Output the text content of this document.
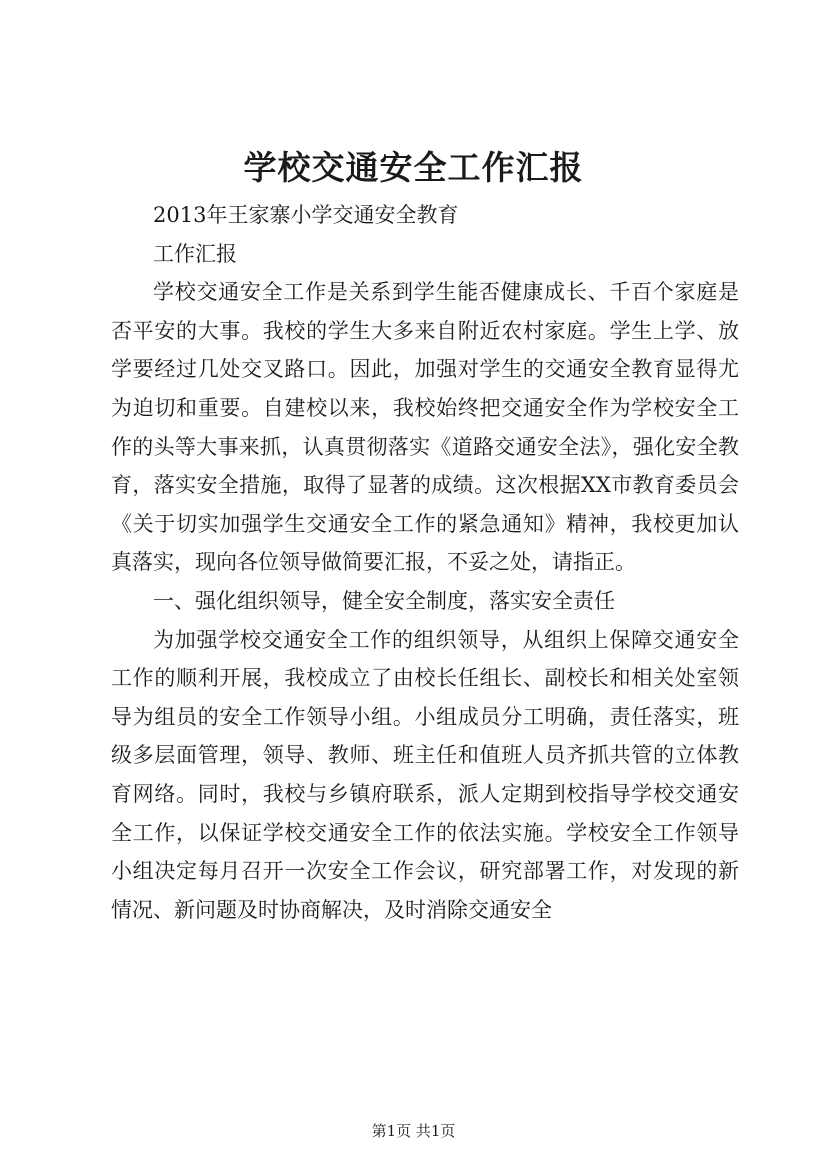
学校交通安全工作汇报

2013年王家寨小学交通安全教育

工作汇报

学校交通安全工作是关系到学生能否健康成长、千百个家庭是否平安的大事。我校的学生大多来自附近农村家庭。学生上学、放学要经过几处交叉路口。因此，加强对学生的交通安全教育显得尤为迫切和重要。自建校以来，我校始终把交通安全作为学校安全工作的头等大事来抓，认真贯彻落实《道路交通安全法》，强化安全教育，落实安全措施，取得了显著的成绩。这次根据XX市教育委员会《关于切实加强学生交通安全工作的紧急通知》精神，我校更加认真落实，现向各位领导做简要汇报，不妥之处，请指正。

一、强化组织领导，健全安全制度，落实安全责任

为加强学校交通安全工作的组织领导，从组织上保障交通安全工作的顺利开展，我校成立了由校长任组长、副校长和相关处室领导为组员的安全工作领导小组。小组成员分工明确，责任落实，班级多层面管理，领导、教师、班主任和值班人员齐抓共管的立体教育网络。同时，我校与乡镇府联系，派人定期到校指导学校交通安全工作，以保证学校交通安全工作的依法实施。学校安全工作领导小组决定每月召开一次安全工作会议，研究部署工作，对发现的新情况、新问题及时协商解决，及时消除交通安全

第1页 共1页
